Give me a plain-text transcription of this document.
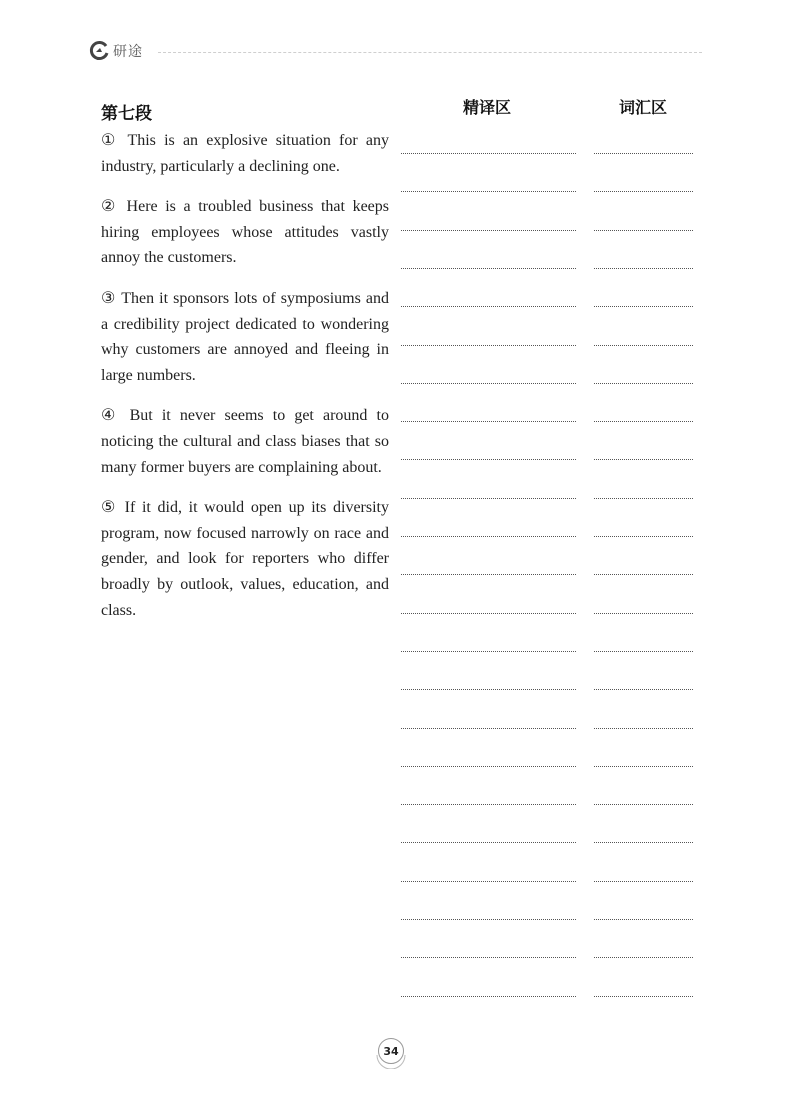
研途
第七段	精译区	词汇区

① This is an explosive situation for any industry, particularly a declining one.

② Here is a troubled business that keeps hiring employees whose attitudes vastly annoy the customers.

③ Then it sponsors lots of symposiums and a credibility project dedicated to wondering why customers are annoyed and fleeing in large numbers.

④ But it never seems to get around to noticing the cultural and class biases that so many former buyers are complaining about.

⑤ If it did, it would open up its diversity program, now focused narrowly on race and gender, and look for reporters who differ broadly by outlook, values, education, and class.

34
